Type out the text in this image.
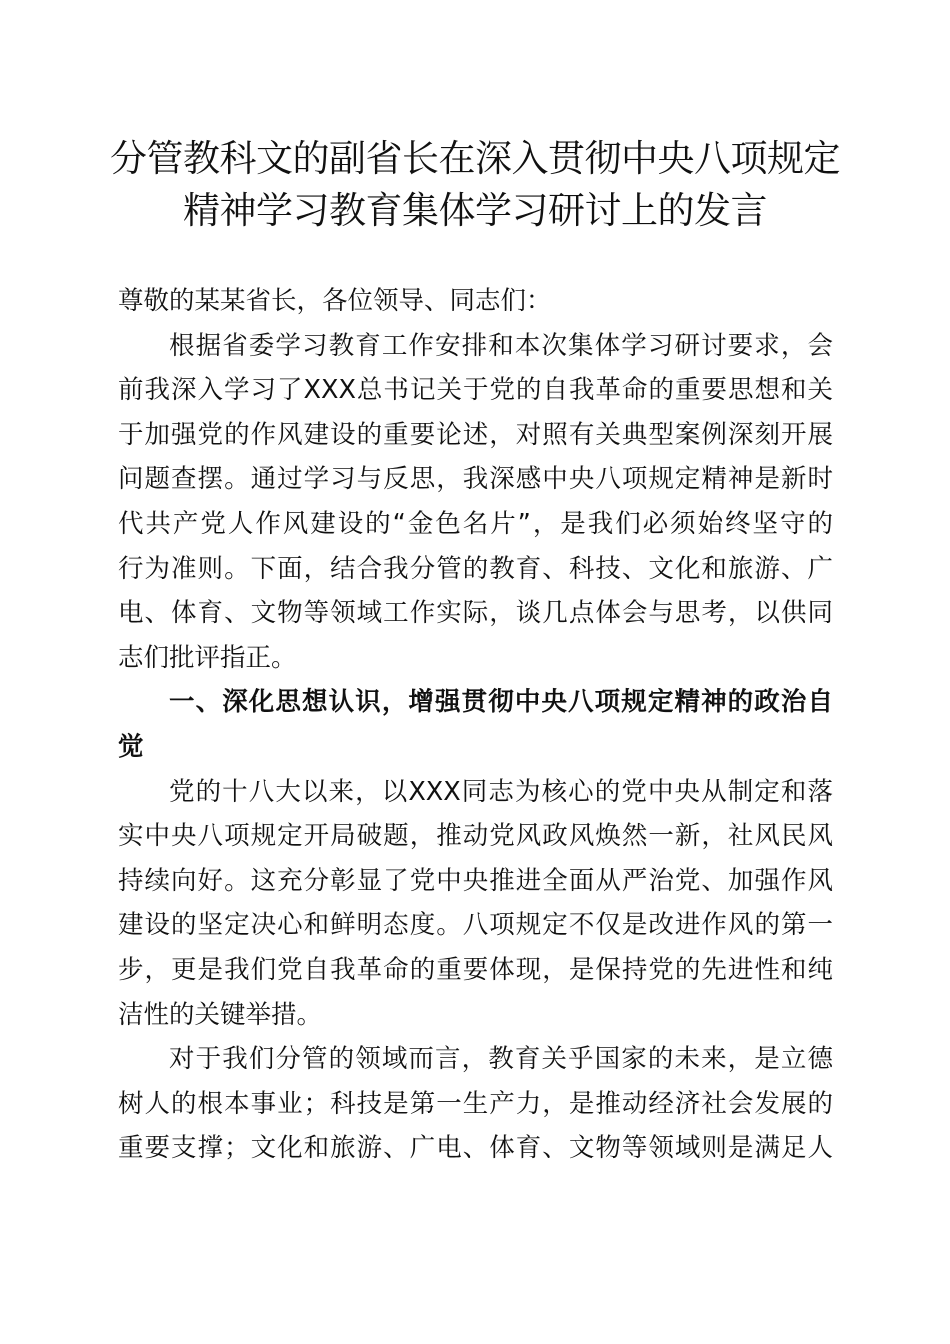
分管教科文的副省长在深入贯彻中央八项规定
精神学习教育集体学习研讨上的发言
尊敬的某某省长，各位领导、同志们：
根据省委学习教育工作安排和本次集体学习研讨要求，会
前我深入学习了XXX总书记关于党的自我革命的重要思想和关
于加强党的作风建设的重要论述，对照有关典型案例深刻开展
问题查摆。通过学习与反思，我深感中央八项规定精神是新时
代共产党人作风建设的“金色名片”，是我们必须始终坚守的
行为准则。下面，结合我分管的教育、科技、文化和旅游、广
电、体育、文物等领域工作实际，谈几点体会与思考，以供同
志们批评指正。
一、深化思想认识，增强贯彻中央八项规定精神的政治自
觉
党的十八大以来，以XXX同志为核心的党中央从制定和落
实中央八项规定开局破题，推动党风政风焕然一新，社风民风
持续向好。这充分彰显了党中央推进全面从严治党、加强作风
建设的坚定决心和鲜明态度。八项规定不仅是改进作风的第一
步，更是我们党自我革命的重要体现，是保持党的先进性和纯
洁性的关键举措。
对于我们分管的领域而言，教育关乎国家的未来，是立德
树人的根本事业；科技是第一生产力，是推动经济社会发展的
重要支撑；文化和旅游、广电、体育、文物等领域则是满足人
